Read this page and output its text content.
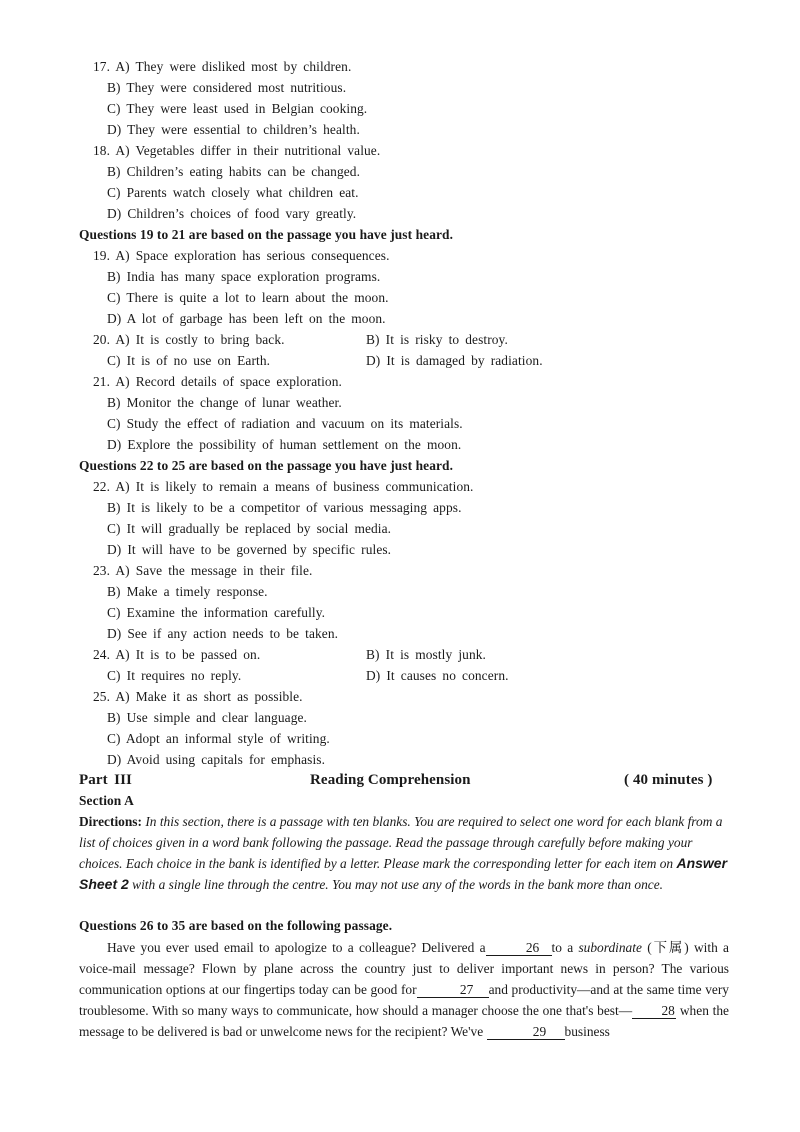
17. A) They were disliked most by children.
B) They were considered most nutritious.
C) They were least used in Belgian cooking.
D) They were essential to children’s health.
18. A) Vegetables differ in their nutritional value.
B) Children’s eating habits can be changed.
C) Parents watch closely what children eat.
D) Children’s choices of food vary greatly.
Questions 19 to 21 are based on the passage you have just heard.
19. A) Space exploration has serious consequences.
B) India has many space exploration programs.
C) There is quite a lot to learn about the moon.
D) A lot of garbage has been left on the moon.
20. A) It is costly to bring back.	B) It is risky to destroy.
C) It is of no use on Earth.	D) It is damaged by radiation.
21. A) Record details of space exploration.
B) Monitor the change of lunar weather.
C) Study the effect of radiation and vacuum on its materials.
D) Explore the possibility of human settlement on the moon.
Questions 22 to 25 are based on the passage you have just heard.
22. A) It is likely to remain a means of business communication.
B) It is likely to be a competitor of various messaging apps.
C) It will gradually be replaced by social media.
D) It will have to be governed by specific rules.
23. A) Save the message in their file.
B) Make a timely response.
C) Examine the information carefully.
D) See if any action needs to be taken.
24. A) It is to be passed on.	B) It is mostly junk.
C) It requires no reply.	D) It causes no concern.
25. A) Make it as short as possible.
B) Use simple and clear language.
C) Adopt an informal style of writing.
D) Avoid using capitals for emphasis.
Part III	Reading Comprehension	( 40 minutes )
Section A
Directions: In this section, there is a passage with ten blanks. You are required to select one word for each blank from a list of choices given in a word bank following the passage. Read the passage through carefully before making your choices. Each choice in the bank is identified by a letter. Please mark the corresponding letter for each item on Answer Sheet 2 with a single line through the centre. You may not use any of the words in the bank more than once.
Questions 26 to 35 are based on the following passage.
Have you ever used email to apologize to a colleague? Delivered a	26 to a subordinate (下属) with a voice-mail message? Flown by plane across the country just to deliver important news in person? The various communication options at our fingertips today can be good for	27 and productivity—and at the same time very troublesome. With so many ways to communicate, how should a manager choose the one that's best— 28 when the message to be delivered is bad or unwelcome news for the recipient? We've	29 business
